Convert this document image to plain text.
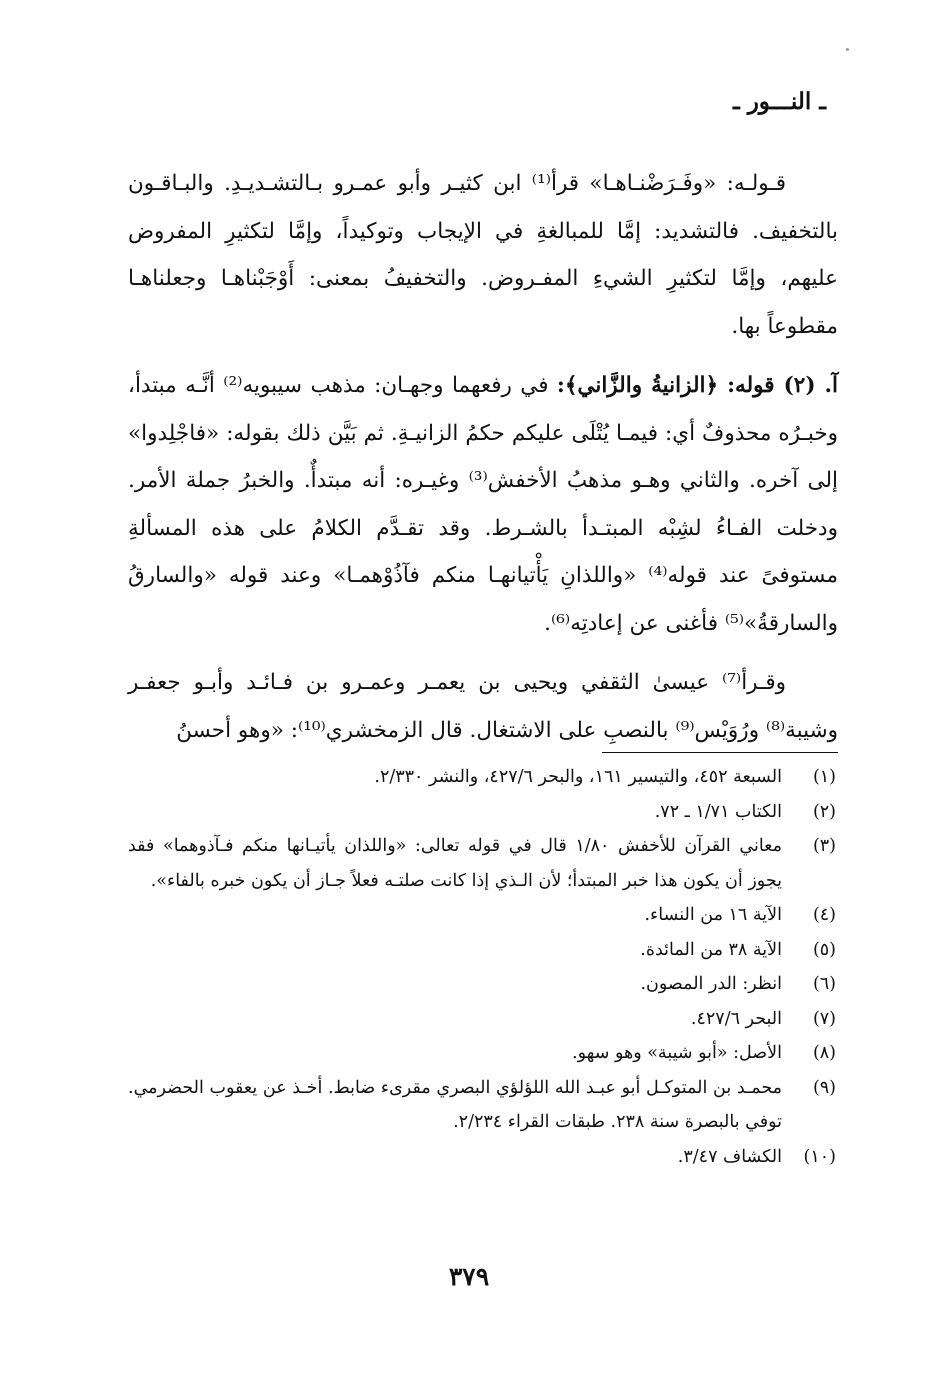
ـ النـــور ـ

قـولـه: «وفَـرَضْنـاهـا» قرأ⁽¹⁾ ابن كثيـر وأبو عمـرو بـالتشـديـدِ. والبـاقـون بالتخفيف. فالتشديد: إمَّا للمبالغةِ في الإيجاب وتوكيداً، وإمَّا لتكثيرِ المفروض عليهم، وإمَّا لتكثيرِ الشيءِ المفـروض. والتخفيفُ بمعنى: أَوْجَبْناهـا وجعلناهـا مقطوعاً بها.

آ. (٢) قوله: ﴿الزانيةُ والزَّاني﴾: في رفعهما وجهـان: مذهب سيبويه⁽²⁾ أنَّـه مبتدأ، وخبـرُه محذوفٌ أي: فيمـا يُتْلَى عليكم حكمُ الزانيـةِ. ثم بَيَّن ذلك بقوله: «فاجْلِدوا» إلى آخره. والثاني وهـو مذهبُ الأخفش⁽³⁾ وغيـره: أنه مبتدأٌ. والخبرُ جملة الأمر. ودخلت الفـاءُ لشِبْه المبتـدأ بالشـرط. وقد تقـدَّم الكلامُ على هذه المسألةِ مستوفىً عند قوله⁽⁴⁾ «واللذانِ يَأْتيانهـا منكم فآذُوْهمـا» وعند قوله «والسارقُ والسارقةُ»⁽⁵⁾ فأغنى عن إعادتِه⁽⁶⁾.

وقـرأ⁽⁷⁾ عيسىٰ الثقفي ويحيى بن يعمـر وعمـرو بن فـائـد وأبـو جعفـر وشيبة⁽⁸⁾ ورُوَيْس⁽⁹⁾ بالنصبِ على الاشتغال. قال الزمخشري⁽¹⁰⁾: «وهو أحسنُ

(١)
السبعة ٤٥٢، والتيسير ١٦١، والبحر ٤٢٧/٦، والنشر ٢/٣٣٠.
(٢)
الكتاب ١/٧١ ـ ٧٢.
(٣)
معاني القرآن للأخفش ١/٨٠ قال في قوله تعالى: «واللذان يأتيـانها منكم فـآذوهما» فقد يجوز أن يكون هذا خبر المبتدأ؛ لأن الـذي إذا كانت صلتـه فعلاً جـاز أن يكون خبره بالفاء».
(٤)
الآية ١٦ من النساء.
(٥)
الآية ٣٨ من المائدة.
(٦)
انظر: الدر المصون.
(٧)
البحر ٤٢٧/٦.
(٨)
الأصل: «أبو شيبة» وهو سهو.
(٩)
محمـد بن المتوكـل أبو عبـد الله اللؤلؤي البصري مقرىء ضابط. أخـذ عن يعقوب الحضرمي. توفي بالبصرة سنة ٢٣٨. طبقات القراء ٢/٢٣٤.
(١٠)
الكشاف ٣/٤٧.
٣٧٩
